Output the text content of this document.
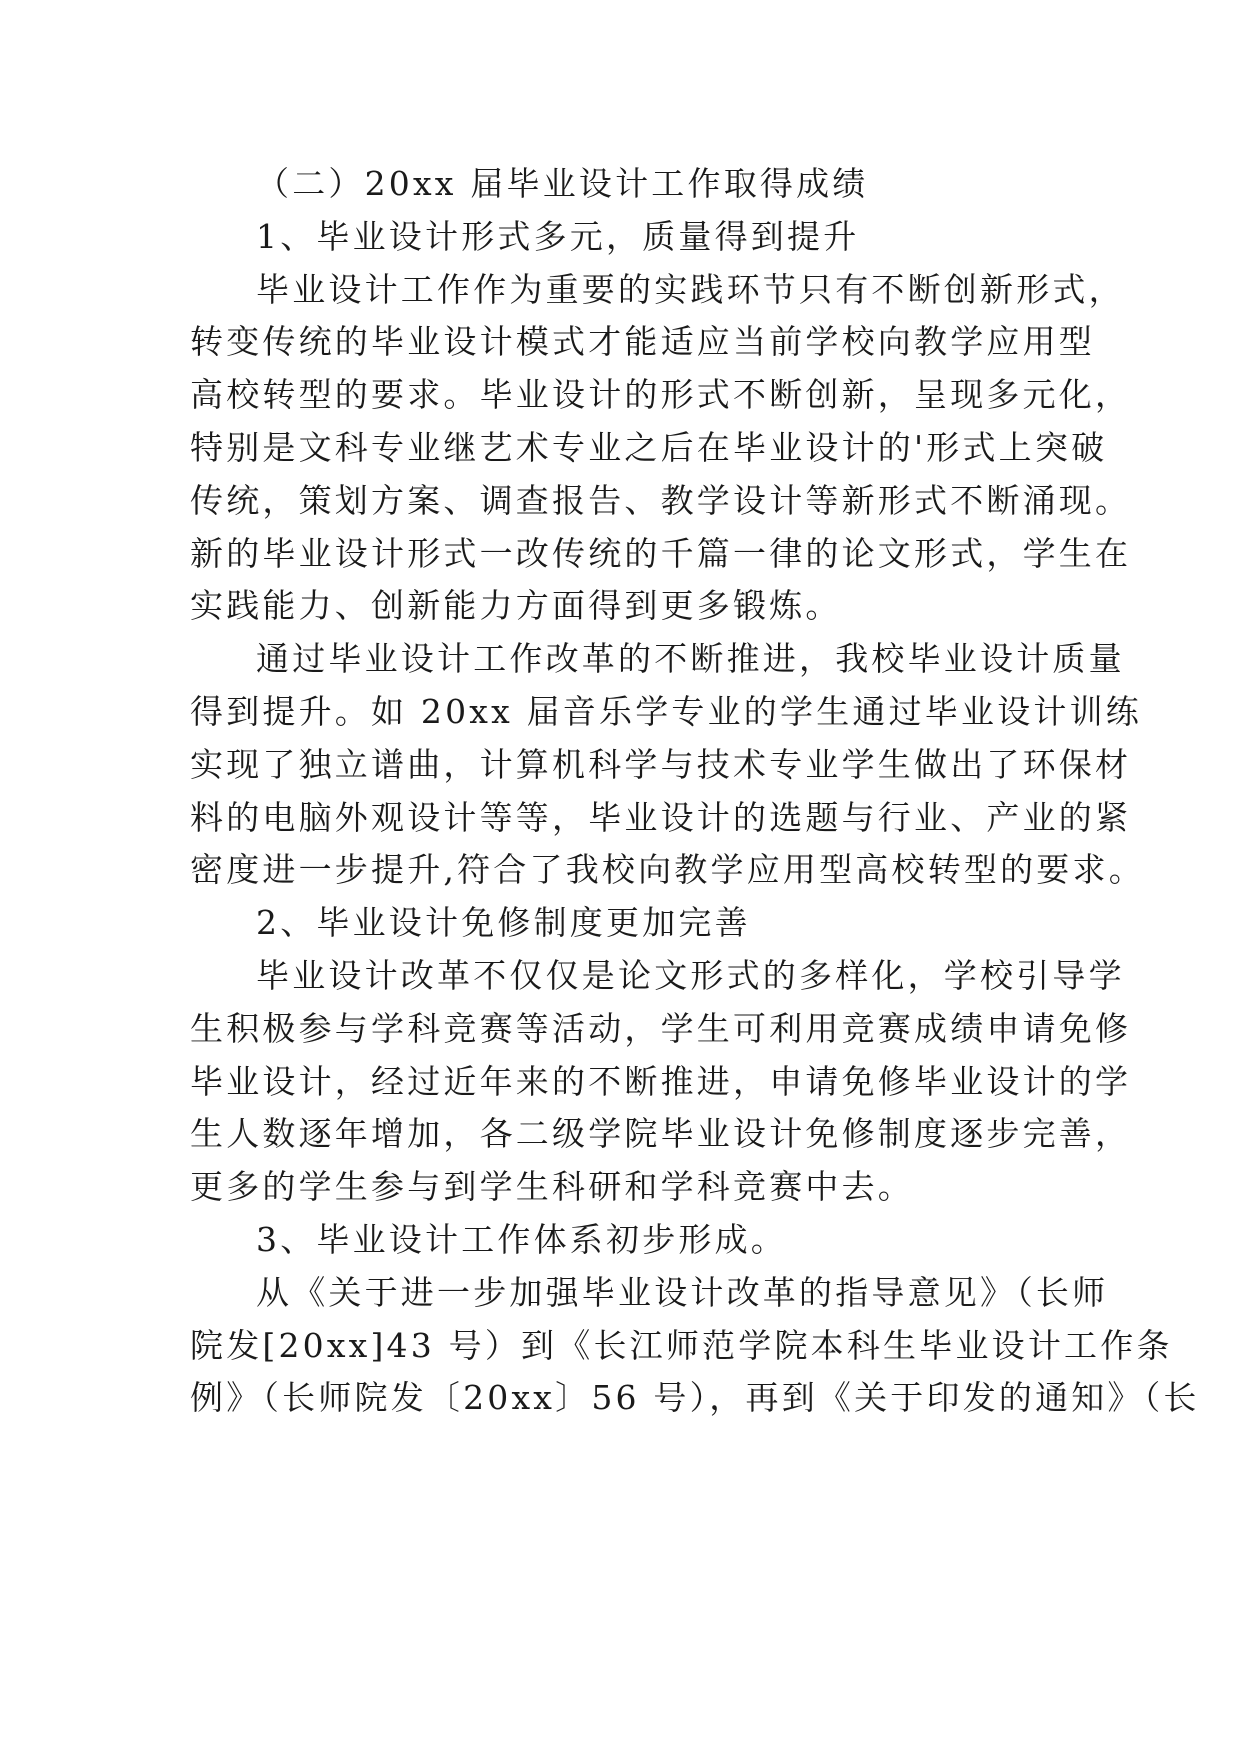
（二）20xx 届毕业设计工作取得成绩
1、毕业设计形式多元，质量得到提升
毕业设计工作作为重要的实践环节只有不断创新形式，
转变传统的毕业设计模式才能适应当前学校向教学应用型
高校转型的要求。毕业设计的形式不断创新，呈现多元化，
特别是文科专业继艺术专业之后在毕业设计的'形式上突破
传统，策划方案、调查报告、教学设计等新形式不断涌现。
新的毕业设计形式一改传统的千篇一律的论文形式，学生在
实践能力、创新能力方面得到更多锻炼。
通过毕业设计工作改革的不断推进，我校毕业设计质量
得到提升。如 20xx 届音乐学专业的学生通过毕业设计训练
实现了独立谱曲，计算机科学与技术专业学生做出了环保材
料的电脑外观设计等等，毕业设计的选题与行业、产业的紧
密度进一步提升,符合了我校向教学应用型高校转型的要求。
2、毕业设计免修制度更加完善
毕业设计改革不仅仅是论文形式的多样化，学校引导学
生积极参与学科竞赛等活动，学生可利用竞赛成绩申请免修
毕业设计，经过近年来的不断推进，申请免修毕业设计的学
生人数逐年增加，各二级学院毕业设计免修制度逐步完善，
更多的学生参与到学生科研和学科竞赛中去。
3、毕业设计工作体系初步形成。
从《关于进一步加强毕业设计改革的指导意见》（长师
院发[20xx]43 号）到《长江师范学院本科生毕业设计工作条
例》（长师院发〔20xx〕56 号），再到《关于印发的通知》（长
